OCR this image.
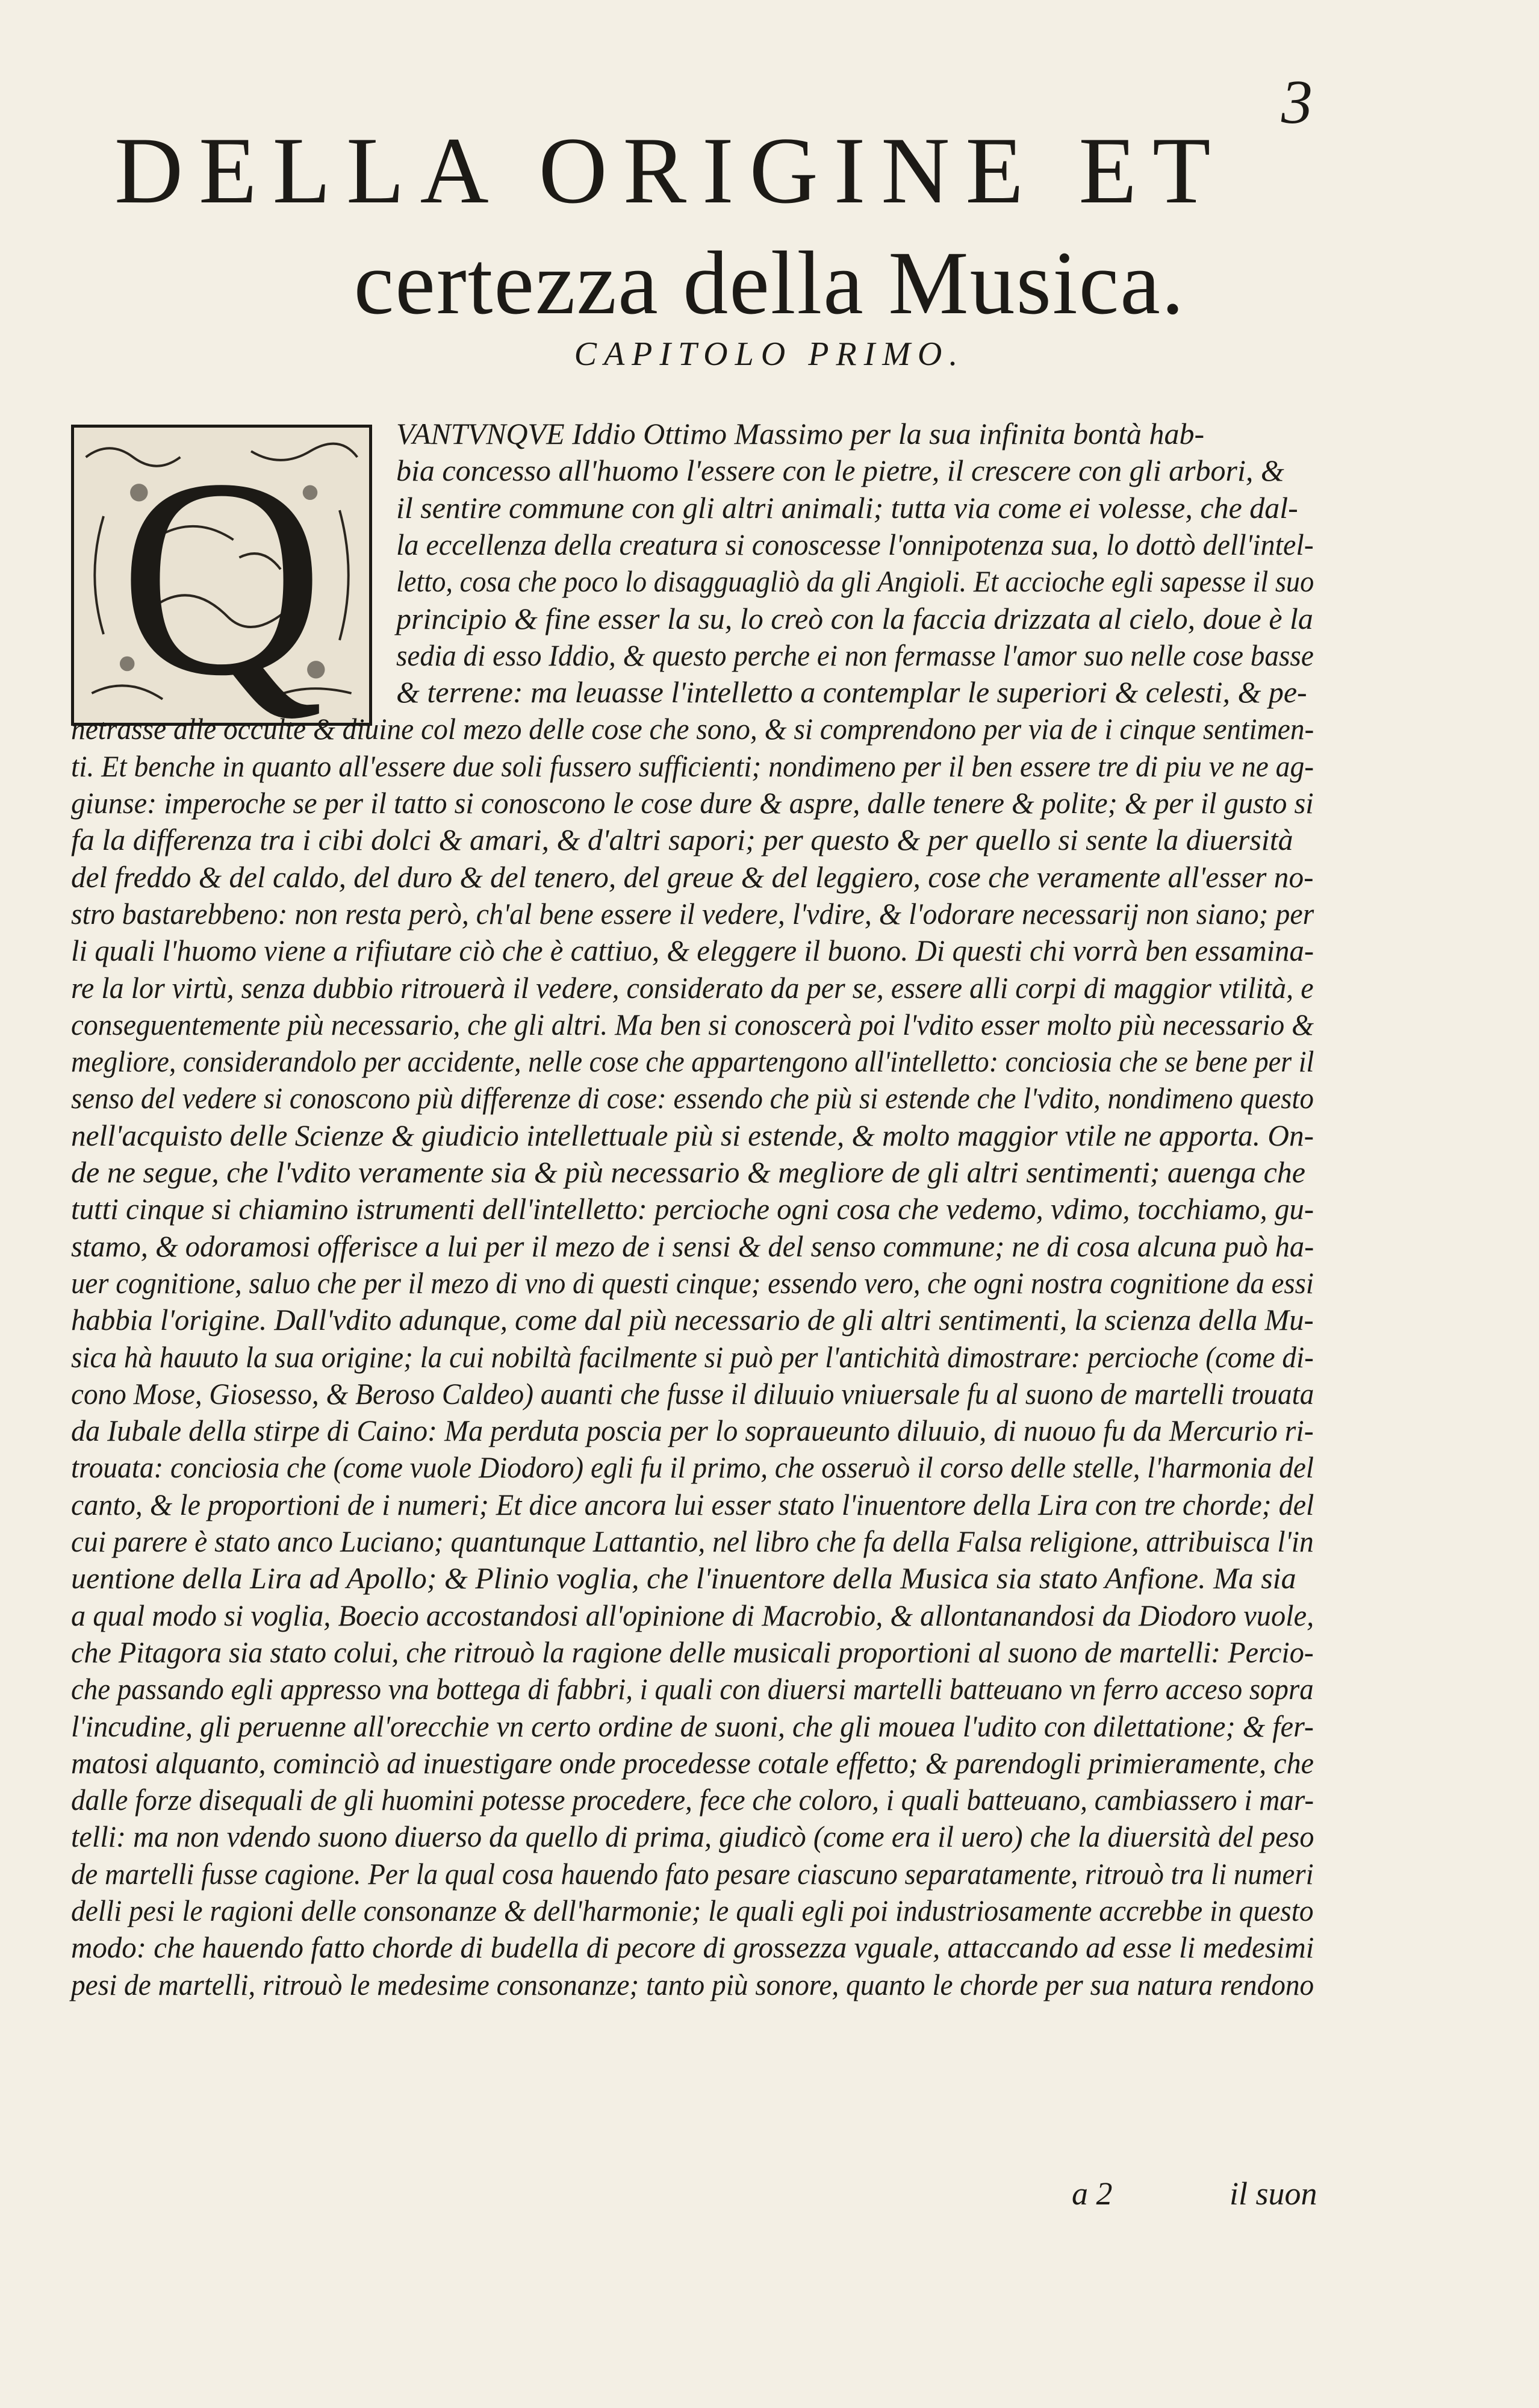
3
DELLA ORIGINE ET
certezza della Musica.
CAPITOLO PRIMO.
Q VANTVNQVE Iddio Ottimo Massimo per la sua infinita bontà hab-
bia concesso all'huomo l'essere con le pietre, il crescere con gli arbori, &
il sentire commune con gli altri animali; tutta via come ei volesse, che dal-
la eccellenza della creatura si conoscesse l'onnipotenza sua, lo dottò dell'intel-
letto, cosa che poco lo disagguagliò da gli Angioli. Et accioche egli sapesse il suo
principio & fine esser la su, lo creò con la faccia drizzata al cielo, doue è la
sedia di esso Iddio, & questo perche ei non fermasse l'amor suo nelle cose basse
& terrene: ma leuasse l'intelletto a contemplar le superiori & celesti, & pe-
netrasse alle occulte & diuine col mezo delle cose che sono, & si comprendono per via de i cinque sentimen-
ti. Et benche in quanto all'essere due soli fussero sufficienti; nondimeno per il ben essere tre di piu ve ne ag-
giunse: imperoche se per il tatto si conoscono le cose dure & aspre, dalle tenere & polite; & per il gusto si
fa la differenza tra i cibi dolci & amari, & d'altri sapori; per questo & per quello si sente la diuersità
del freddo & del caldo, del duro & del tenero, del greue & del leggiero, cose che veramente all'esser no-
stro bastarebbeno: non resta però, ch'al bene essere il vedere, l'vdire, & l'odorare necessarij non siano; per
li quali l'huomo viene a rifiutare ciò che è cattiuo, & eleggere il buono. Di questi chi vorrà ben essamina-
re la lor virtù, senza dubbio ritrouerà il vedere, considerato da per se, essere alli corpi di maggior vtilità, e
conseguentemente più necessario, che gli altri. Ma ben si conoscerà poi l'vdito esser molto più necessario &
megliore, considerandolo per accidente, nelle cose che appartengono all'intelletto: conciosia che se bene per il
senso del vedere si conoscono più differenze di cose: essendo che più si estende che l'vdito, nondimeno questo
nell'acquisto delle Scienze & giudicio intellettuale più si estende, & molto maggior vtile ne apporta. On-
de ne segue, che l'vdito veramente sia & più necessario & megliore de gli altri sentimenti; auenga che
tutti cinque si chiamino istrumenti dell'intelletto: percioche ogni cosa che vedemo, vdimo, tocchiamo, gu-
stamo, & odoramosi offerisce a lui per il mezo de i sensi & del senso commune; ne di cosa alcuna può ha-
uer cognitione, saluo che per il mezo di vno di questi cinque; essendo vero, che ogni nostra cognitione da essi
habbia l'origine. Dall'vdito adunque, come dal più necessario de gli altri sentimenti, la scienza della Mu-
sica hà hauuto la sua origine; la cui nobiltà facilmente si può per l'antichità dimostrare: percioche (come di-
cono Mose, Giosesso, & Beroso Caldeo) auanti che fusse il diluuio vniuersale fu al suono de martelli trouata
da Iubale della stirpe di Caino: Ma perduta poscia per lo sopraueunto diluuio, di nuouo fu da Mercurio ri-
trouata: conciosia che (come vuole Diodoro) egli fu il primo, che osseruò il corso delle stelle, l'harmonia del
canto, & le proportioni de i numeri; Et dice ancora lui esser stato l'inuentore della Lira con tre chorde; del
cui parere è stato anco Luciano; quantunque Lattantio, nel libro che fa della Falsa religione, attribuisca l'in
uentione della Lira ad Apollo; & Plinio voglia, che l'inuentore della Musica sia stato Anfione. Ma sia
a qual modo si voglia, Boecio accostandosi all'opinione di Macrobio, & allontanandosi da Diodoro vuole,
che Pitagora sia stato colui, che ritrouò la ragione delle musicali proportioni al suono de martelli: Percio-
che passando egli appresso vna bottega di fabbri, i quali con diuersi martelli batteuano vn ferro acceso sopra
l'incudine, gli peruenne all'orecchie vn certo ordine de suoni, che gli mouea l'udito con dilettatione; & fer-
matosi alquanto, cominciò ad inuestigare onde procedesse cotale effetto; & parendogli primieramente, che
dalle forze disequali de gli huomini potesse procedere, fece che coloro, i quali batteuano, cambiassero i mar-
telli: ma non vdendo suono diuerso da quello di prima, giudicò (come era il uero) che la diuersità del peso
de martelli fusse cagione. Per la qual cosa hauendo fato pesare ciascuno separatamente, ritrouò tra li numeri
delli pesi le ragioni delle consonanze & dell'harmonie; le quali egli poi industriosamente accrebbe in questo
modo: che hauendo fatto chorde di budella di pecore di grossezza vguale, attaccando ad esse li medesimi
pesi de martelli, ritrouò le medesime consonanze; tanto più sonore, quanto le chorde per sua natura rendono
a 2	il suon
